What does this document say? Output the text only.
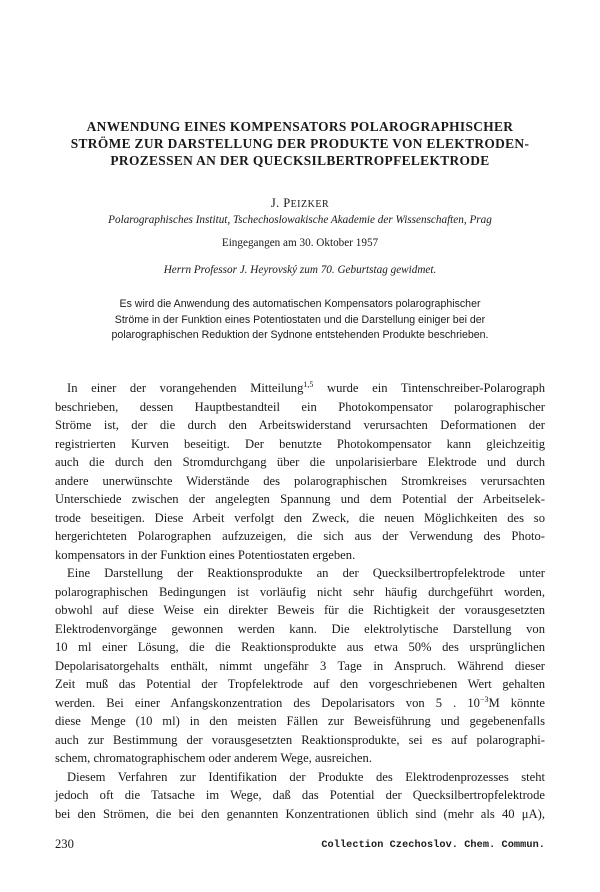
ANWENDUNG EINES KOMPENSATORS POLAROGRAPHISCHER
STRÖME ZUR DARSTELLUNG DER PRODUKTE VON ELEKTRODEN-
PROZESSEN AN DER QUECKSILBERTROPFELEKTRODE
J. PEIZKER
Polarographisches Institut, Tschechoslowakische Akademie der Wissenschaften, Prag
Eingegangen am 30. Oktober 1957
Herrn Professor J. Heyrovský zum 70. Geburtstag gewidmet.
Es wird die Anwendung des automatischen Kompensators polarographischer
Ströme in der Funktion eines Potentiostaten und die Darstellung einiger bei der
polarographischen Reduktion der Sydnone entstehenden Produkte beschrieben.
In einer der vorangehenden Mitteilung$^{1,5}$ wurde ein Tintenschreiber-Polarograph
beschrieben, dessen Hauptbestandteil ein Photokompensator polarographischer
Ströme ist, der die durch den Arbeitswiderstand verursachten Deformationen der
registrierten Kurven beseitigt. Der benutzte Photokompensator kann gleichzeitig
auch die durch den Stromdurchgang über die unpolarisierbare Elektrode und durch
andere unerwünschte Widerstände des polarographischen Stromkreises verursachten
Unterschiede zwischen der angelegten Spannung und dem Potential der Arbeitselek-
trode beseitigen. Diese Arbeit verfolgt den Zweck, die neuen Möglichkeiten des so
hergerichteten Polarographen aufzuzeigen, die sich aus der Verwendung des Photo-
kompensators in der Funktion eines Potentiostaten ergeben.
Eine Darstellung der Reaktionsprodukte an der Quecksilbertropfelektrode unter
polarographischen Bedingungen ist vorläufig nicht sehr häufig durchgeführt worden,
obwohl auf diese Weise ein direkter Beweis für die Richtigkeit der vorausgesetzten
Elektrodenvorgänge gewonnen werden kann. Die elektrolytische Darstellung von
10 ml einer Lösung, die die Reaktionsprodukte aus etwa 50% des ursprünglichen
Depolarisatorgehalts enthält, nimmt ungefähr 3 Tage in Anspruch. Während dieser
Zeit muß das Potential der Tropfelektrode auf den vorgeschriebenen Wert gehalten
werden. Bei einer Anfangskonzentration des Depolarisators von 5 . $10^{-3}M$ könnte
diese Menge (10 ml) in den meisten Fällen zur Beweisführung und gegebenenfalls
auch zur Bestimmung der vorausgesetzten Reaktionsprodukte, sei es auf polarographi-
schem, chromatographischem oder anderem Wege, ausreichen.
Diesem Verfahren zur Identifikation der Produkte des Elektrodenprozesses steht
jedoch oft die Tatsache im Wege, daß das Potential der Quecksilbertropfelektrode
bei den Strömen, die bei den genannten Konzentrationen üblich sind (mehr als 40 μA),
230	Collection Czechoslov. Chem. Commun.
